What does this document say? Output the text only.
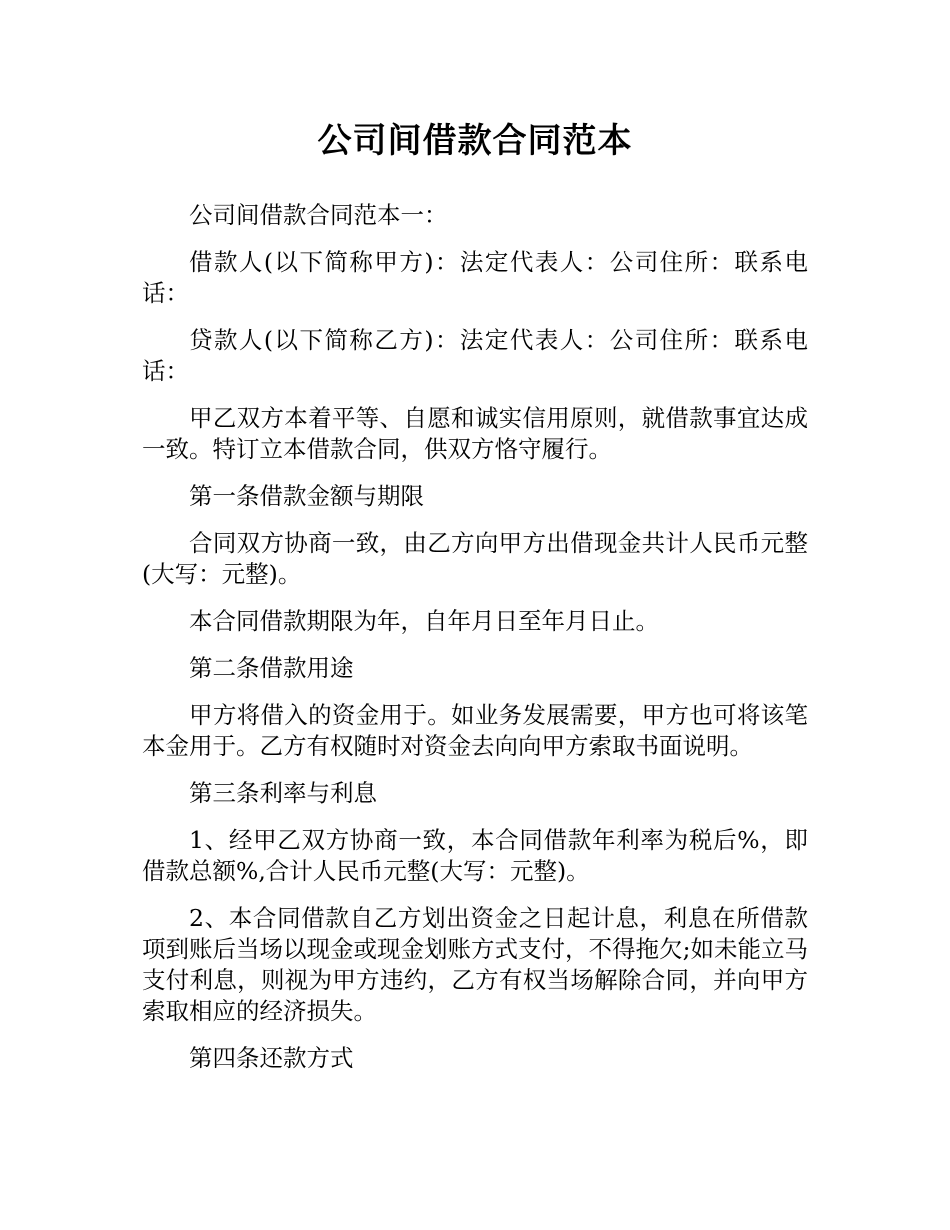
公司间借款合同范本

公司间借款合同范本一：

借款人(以下简称甲方)：法定代表人：公司住所：联系电话：

贷款人(以下简称乙方)：法定代表人：公司住所：联系电话：

甲乙双方本着平等、自愿和诚实信用原则，就借款事宜达成一致。特订立本借款合同，供双方恪守履行。

第一条借款金额与期限

合同双方协商一致，由乙方向甲方出借现金共计人民币元整(大写：元整)。

本合同借款期限为年，自年月日至年月日止。

第二条借款用途

甲方将借入的资金用于。如业务发展需要，甲方也可将该笔本金用于。乙方有权随时对资金去向向甲方索取书面说明。

第三条利率与利息

1、经甲乙双方协商一致，本合同借款年利率为税后%，即借款总额%,合计人民币元整(大写：元整)。

2、本合同借款自乙方划出资金之日起计息，利息在所借款项到账后当场以现金或现金划账方式支付，不得拖欠;如未能立马支付利息，则视为甲方违约，乙方有权当场解除合同，并向甲方索取相应的经济损失。

第四条还款方式
